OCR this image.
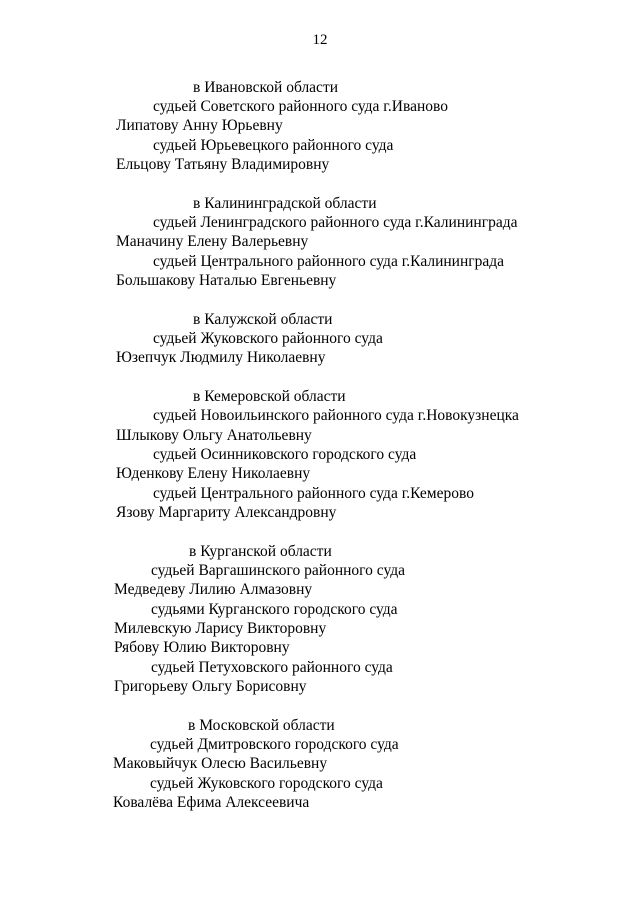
12
в Ивановской области
судьей Советского районного суда г.Иваново
Липатову Анну Юрьевну
судьей Юрьевецкого районного суда
Ельцову Татьяну Владимировну
в Калининградской области
судьей Ленинградского районного суда г.Калининграда
Маначину Елену Валерьевну
судьей Центрального районного суда г.Калининграда
Большакову Наталью Евгеньевну
в Калужской области
судьей Жуковского районного суда
Юзепчук Людмилу Николаевну
в Кемеровской области
судьей Новоильинского районного суда г.Новокузнецка
Шлыкову Ольгу Анатольевну
судьей Осинниковского городского суда
Юденкову Елену Николаевну
судьей Центрального районного суда г.Кемерово
Язову Маргариту Александровну
в Курганской области
судьей Варгашинского районного суда
Медведеву Лилию Алмазовну
судьями Курганского городского суда
Милевскую Ларису Викторовну
Рябову Юлию Викторовну
судьей Петуховского районного суда
Григорьеву Ольгу Борисовну
в Московской области
судьей Дмитровского городского суда
Маковыйчук Олесю Васильевну
судьей Жуковского городского суда
Ковалёва Ефима Алексеевича
